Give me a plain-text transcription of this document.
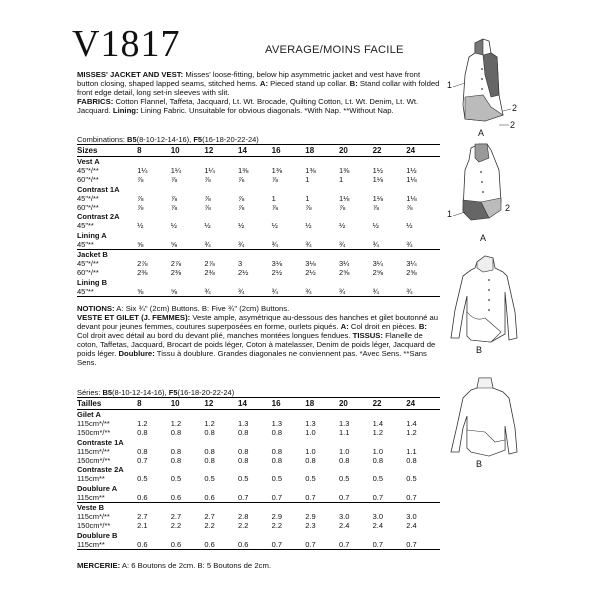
V1817	AVERAGE/MOINS FACILE
MISSES' JACKET AND VEST: Misses' loose-fitting, below hip asymmetric jacket and vest have front button closing, shaped lapped seams, stitched hems. A: Pieced stand up collar. B: Stand collar with folded front edge detail, long set-in sleeves with slit.
FABRICS: Cotton Flannel, Taffeta, Jacquard, Lt. Wt. Brocade, Quilting Cotton, Lt. Wt. Denim, Lt. Wt. Jacquard. Lining: Lining Fabric. Unsuitable for obvious diagonals. *With Nap. **Without Nap.
Combinations: B5(8-10-12-14-16), F5(16-18-20-22-24)
Sizes	8	10	12	14	16	18	20	22	24
Vest A									
45"*/**	1¼	1¼	1¼	1⅜	1⅜	1⅜	1⅜	1½	1½
60"*/**	⅞	⅞	⅞	⅞	⅞	1	1	1⅛	1⅛
Contrast 1A									
45"*/**	⅞	⅞	⅞	⅞	1	1	1⅛	1⅛	1⅛
60"*/**	⅞	⅞	⅞	⅞	⅞	⅞	⅞	⅞	⅞
Contrast 2A									
45"**	½	½	½	½	½	½	½	½	½
Lining A									
45"**	⅝	⅝	¾	¾	¾	¾	¾	¾	¾
Jacket B									
45"*/**	2⅞	2⅞	2⅞	3	3⅛	3⅛	3¼	3¼	3¼
60"*/**	2⅜	2⅜	2⅜	2½	2½	2½	2⅝	2⅝	2⅝
Lining B									
45"**	⅝	⅝	¾	¾	¾	¾	¾	¾	¾
NOTIONS: A: Six ¾" (2cm) Buttons. B: Five ¾" (2cm) Buttons.
VESTE ET GILET (J. FEMMES): Veste ample, asymétrique au-dessous des hanches et gilet boutonné au devant pour jeunes femmes, coutures superposées en forme, ourlets piqués. A: Col droit en pièces. B: Col droit avec détail au bord du devant plié, manches montées longues fendues. TISSUS: Flanelle de coton, Taffetas, Jacquard, Brocart de poids léger, Coton à matelasser, Denim de poids léger, Jacquard de poids léger. Doublure: Tissu à doublure. Grandes diagonales ne conviennent pas. *Avec Sens. **Sans Sens.
Séries: B5(8-10-12-14-16), F5(16-18-20-22-24)
Tailles	8	10	12	14	16	18	20	22	24
Gilet A									
115cm*/**	1.2	1.2	1.2	1.3	1.3	1.3	1.3	1.4	1.4
150cm*/**	0.8	0.8	0.8	0.8	0.8	1.0	1.1	1.2	1.2
Contraste 1A									
115cm*/**	0.8	0.8	0.8	0.8	0.8	1.0	1.0	1.0	1.1
150cm*/**	0.7	0.8	0.8	0.8	0.8	0.8	0.8	0.8	0.8
Contraste 2A									
115cm**	0.5	0.5	0.5	0.5	0.5	0.5	0.5	0.5	0.5
Doublure A									
115cm**	0.6	0.6	0.6	0.7	0.7	0.7	0.7	0.7	0.7
Veste B									
115cm*/**	2.7	2.7	2.7	2.8	2.9	2.9	3.0	3.0	3.0
150cm*/**	2.1	2.2	2.2	2.2	2.2	2.3	2.4	2.4	2.4
Doublure B									
115cm**	0.6	0.6	0.6	0.6	0.7	0.7	0.7	0.7	0.7
MERCERIE: A: 6 Boutons de 2cm. B: 5 Boutons de 2cm.
1
2
2
A
1
2
A
B
B
